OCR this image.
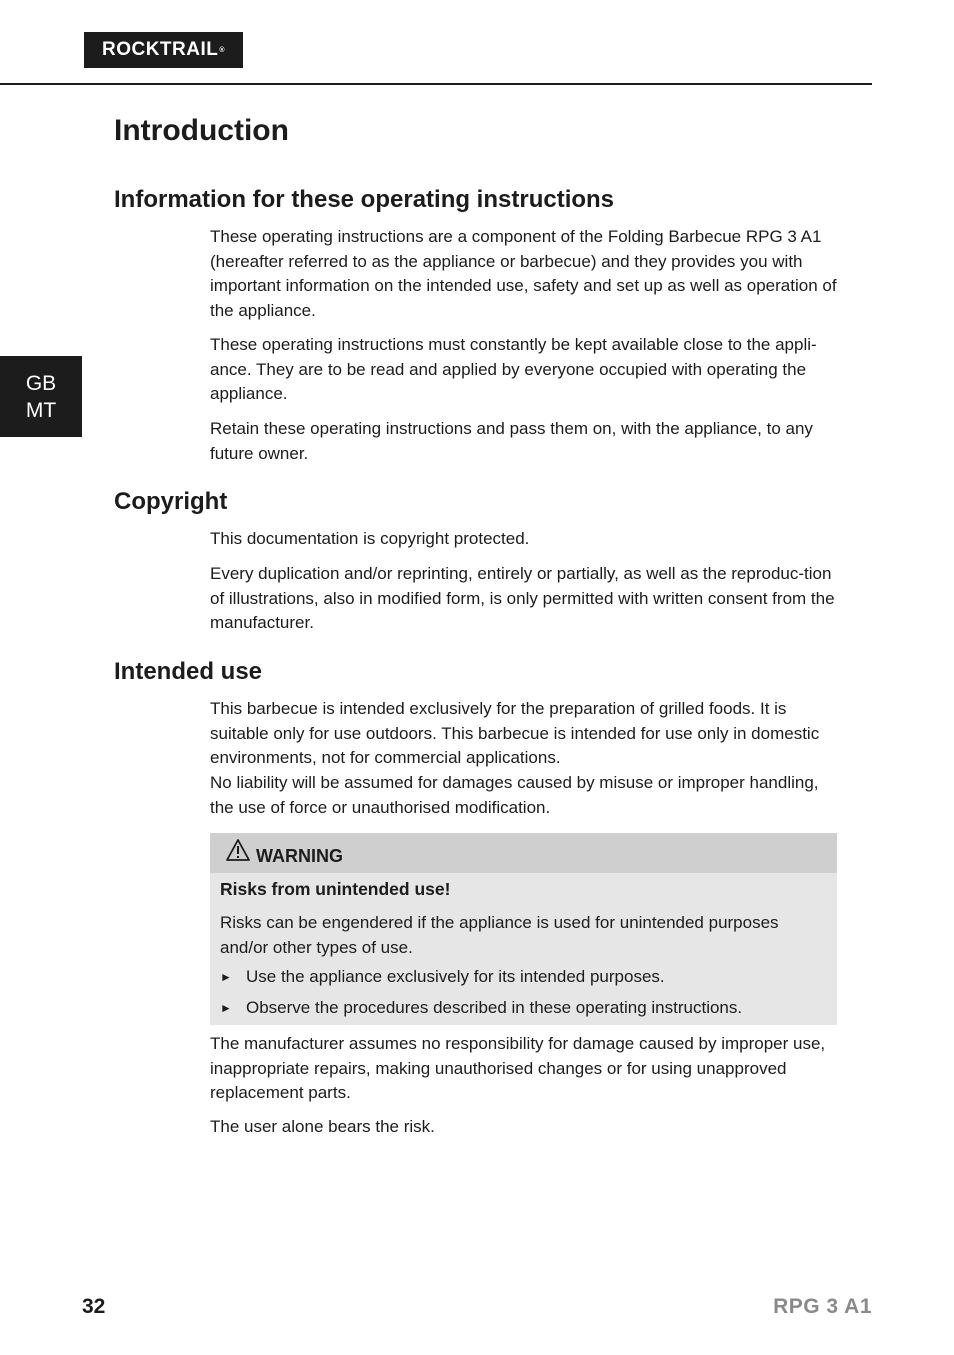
ROCKTRAIL ®
GB
MT
Introduction
Information for these operating instructions

These operating instructions are a component of the Folding Barbecue RPG 3 A1 (hereafter referred to as the appliance or barbecue) and they provides you with important information on the intended use, safety and set up as well as operation of the appliance.

These operating instructions must constantly be kept available close to the appli-ance. They are to be read and applied by everyone occupied with operating the appliance.

Retain these operating instructions and pass them on, with the appliance, to any future owner.

Copyright

This documentation is copyright protected.

Every duplication and/or reprinting, entirely or partially, as well as the reproduc-tion of illustrations, also in modified form, is only permitted with written consent from the manufacturer.

Intended use

This barbecue is intended exclusively for the preparation of grilled foods. It is suitable only for use outdoors. This barbecue is intended for use only in domestic environments, not for commercial applications.

No liability will be assumed for damages caused by misuse or improper handling, the use of force or unauthorised modification.

WARNING

Risks from unintended use!

Risks can be engendered if the appliance is used for unintended purposes and/or other types of use.

► Use the appliance exclusively for its intended purposes.
► Observe the procedures described in these operating instructions.

The manufacturer assumes no responsibility for damage caused by improper use, inappropriate repairs, making unauthorised changes or for using unapproved replacement parts.

The user alone bears the risk.

32	RPG 3 A1
